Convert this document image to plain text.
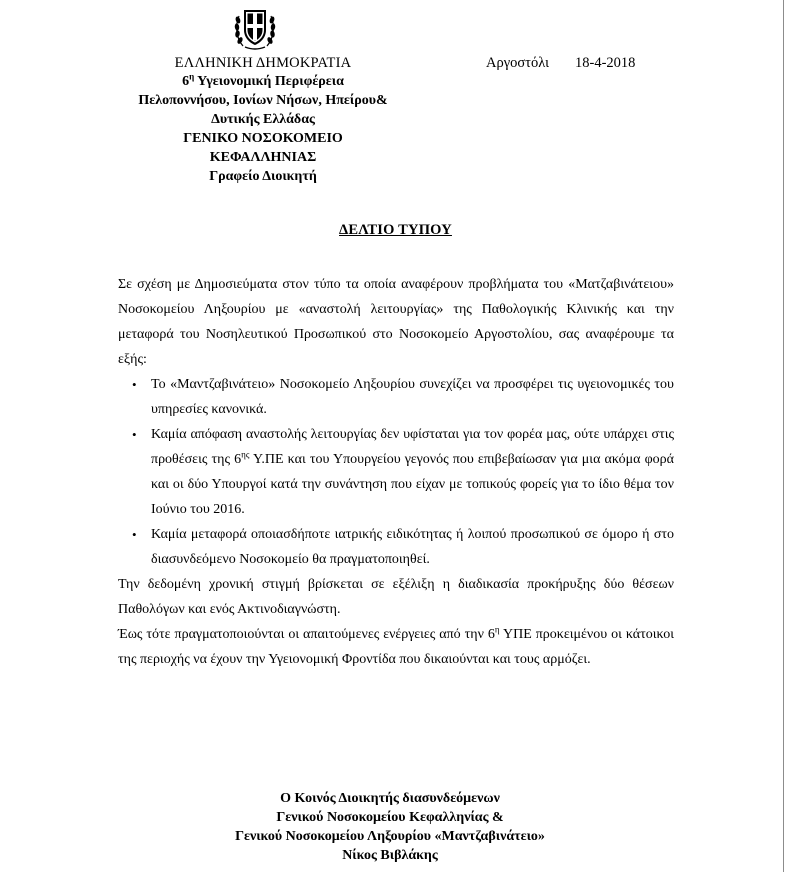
ΕΛΛΗΝΙΚΗ ΔΗΜΟΚΡΑΤΙΑ
$6^\eta$ Υγειονομική Περιφέρεια
Πελοποννήσου, Ιονίων Νήσων, Ηπείρου&
Δυτικής Ελλάδας
ΓΕΝΙΚΟ ΝΟΣΟΚΟΜΕΙΟ
ΚΕΦΑΛΛΗΝΙΑΣ
Γραφείο Διοικητή
Αργοστόλι 18-4-2018
ΔΕΛΤΙΟ ΤΥΠΟΥ

Σε σχέση με Δημοσιεύματα στον τύπο τα οποία αναφέρουν προβλήματα του «Ματζαβινάτειου» Νοσοκομείου Ληξουρίου με «αναστολή λειτουργίας» της Παθολογικής Κλινικής και την μεταφορά του Νοσηλευτικού Προσωπικού στο Νοσοκομείο Αργοστολίου, σας αναφέρουμε τα εξής:

• Το «Μαντζαβινάτειο» Νοσοκομείο Ληξουρίου συνεχίζει να προσφέρει τις υγειονομικές του υπηρεσίες κανονικά.
• Καμία απόφαση αναστολής λειτουργίας δεν υφίσταται για τον φορέα μας, ούτε υπάρχει στις προθέσεις της $6^{\eta\varsigma}$ Υ.ΠΕ και του Υπουργείου γεγονός που επιβεβαίωσαν για μια ακόμα φορά και οι δύο Υπουργοί κατά την συνάντηση που είχαν με τοπικούς φορείς για το ίδιο θέμα τον Ιούνιο του 2016.
• Καμία μεταφορά οποιασδήποτε ιατρικής ειδικότητας ή λοιπού προσωπικού σε όμορο ή στο διασυνδεόμενο Νοσοκομείο θα πραγματοποιηθεί.

Την δεδομένη χρονική στιγμή βρίσκεται σε εξέλιξη η διαδικασία προκήρυξης δύο θέσεων Παθολόγων και ενός Ακτινοδιαγνώστη.

Έως τότε πραγματοποιούνται οι απαιτούμενες ενέργειες από την $6^\eta$ ΥΠΕ προκειμένου οι κάτοικοι της περιοχής να έχουν την Υγειονομική Φροντίδα που δικαιούνται και τους αρμόζει.

Ο Κοινός Διοικητής διασυνδεόμενων
Γενικού Νοσοκομείου Κεφαλληνίας &
Γενικού Νοσοκομείου Ληξουρίου «Μαντζαβινάτειο»
Νίκος Βιβλάκης
